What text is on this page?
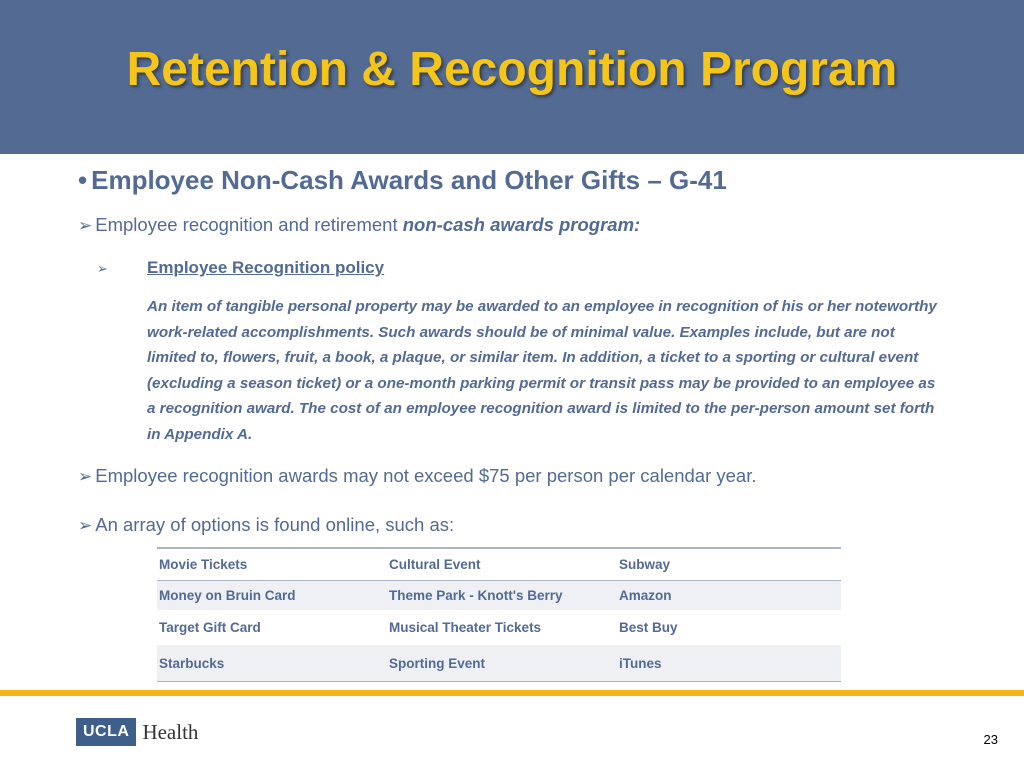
Retention & Recognition Program
• Employee Non-Cash Awards and Other Gifts – G-41
➢ Employee recognition and retirement non-cash awards program:
➢ Employee Recognition policy

An item of tangible personal property may be awarded to an employee in recognition of his or her noteworthy work-related accomplishments. Such awards should be of minimal value. Examples include, but are not limited to, flowers, fruit, a book, a plaque, or similar item. In addition, a ticket to a sporting or cultural event (excluding a season ticket) or a one-month parking permit or transit pass may be provided to an employee as a recognition award. The cost of an employee recognition award is limited to the per-person amount set forth in Appendix A.

➢ Employee recognition awards may not exceed $75 per person per calendar year.
➢ An array of options is found online, such as:
Movie Tickets	Cultural Event	Subway
Money on Bruin Card	Theme Park - Knott's Berry	Amazon
Target Gift Card	Musical Theater Tickets	Best Buy
Starbucks	Sporting Event	iTunes
UCLA Health	23
